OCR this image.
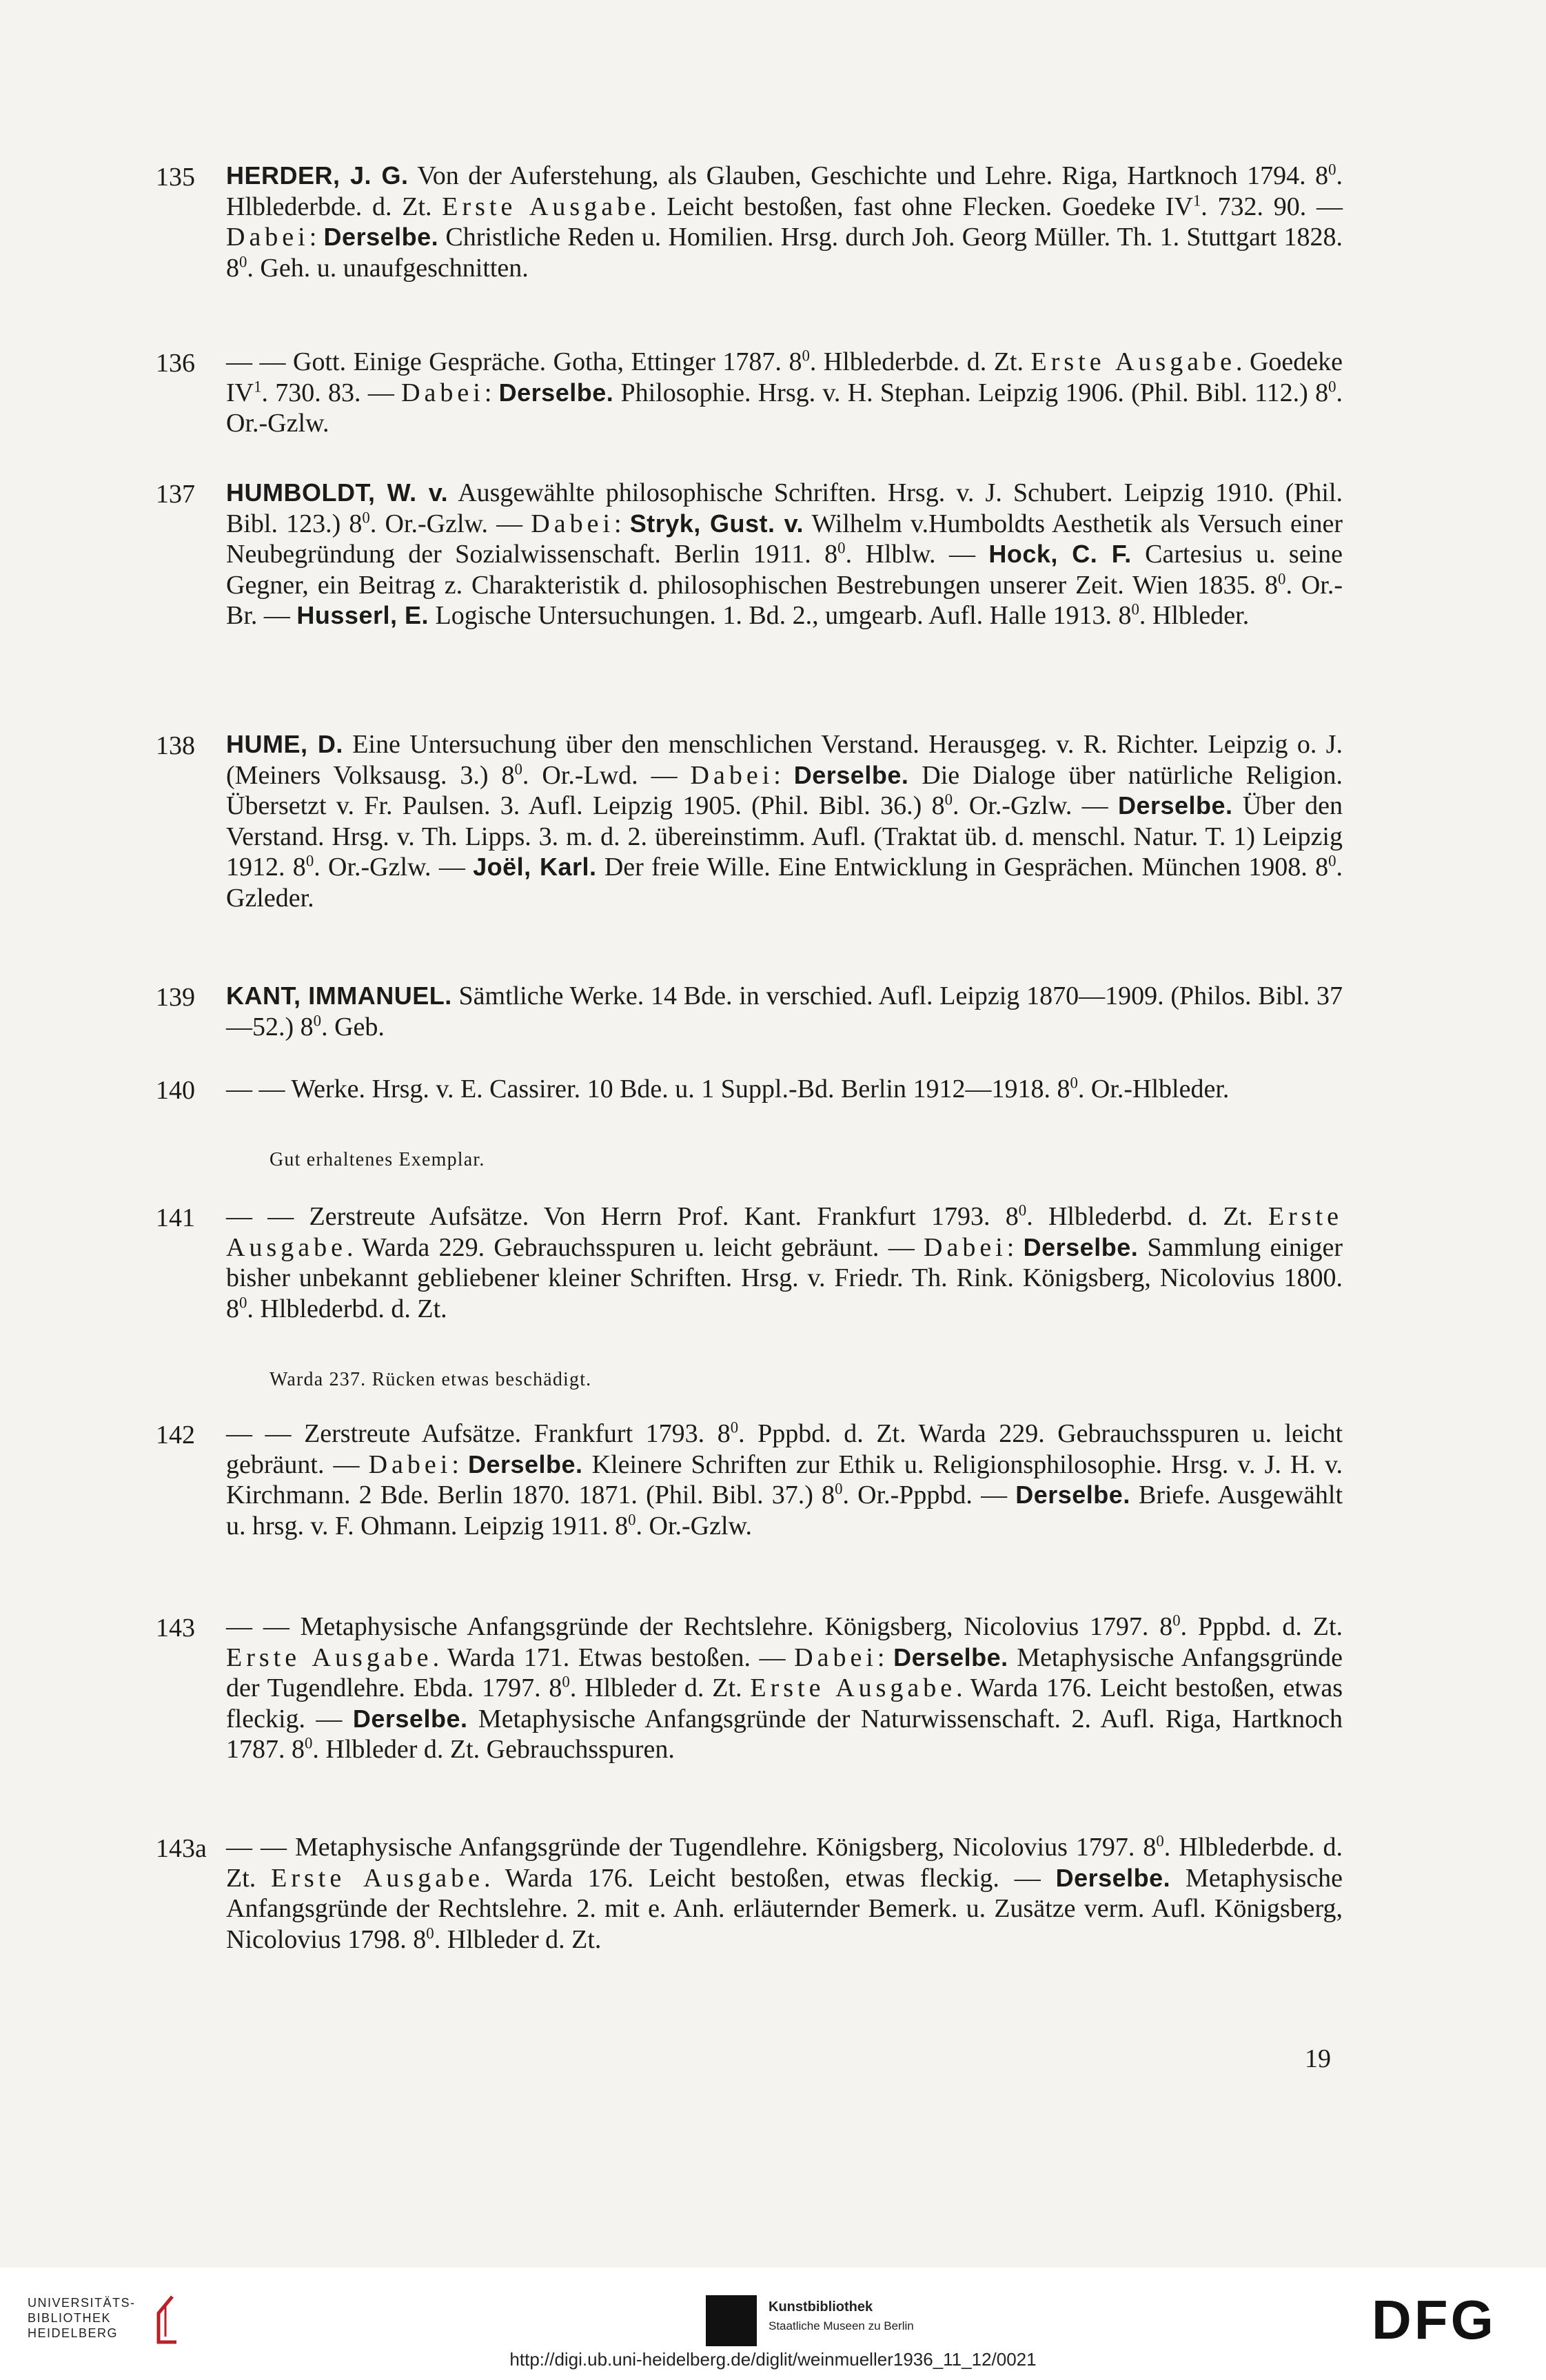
135	HERDER, J. G. Von der Auferstehung, als Glauben, Geschichte und Lehre. Riga, Hartknoch 1794. $8^0$. Hlblederbde. d. Zt. Erste Ausgabe. Leicht bestoßen, fast ohne Flecken. Goedeke $IV^1$. 732. 90. — Dabei: Derselbe. Christliche Reden u. Homilien. Hrsg. durch Joh. Georg Müller. Th. 1. Stuttgart 1828. $8^0$. Geh. u. unaufgeschnitten.
136	— — Gott. Einige Gespräche. Gotha, Ettinger 1787. $8^0$. Hlblederbde. d. Zt. Erste Ausgabe. Goedeke $IV^1$. 730. 83. — Dabei: Derselbe. Philosophie. Hrsg. v. H. Stephan. Leipzig 1906. (Phil. Bibl. 112.) $8^0$. Or.-Gzlw.
137	HUMBOLDT, W. v. Ausgewählte philosophische Schriften. Hrsg. v. J. Schubert. Leipzig 1910. (Phil. Bibl. 123.) $8^0$. Or.-Gzlw. — Dabei: Stryk, Gust. v. Wilhelm v.Humboldts Aesthetik als Versuch einer Neubegründung der Sozialwissenschaft. Berlin 1911. $8^0$. Hlblw. — Hock, C. F. Cartesius u. seine Gegner, ein Beitrag z. Charakteristik d. philosophischen Bestrebungen unserer Zeit. Wien 1835. $8^0$. Or.-Br. — Husserl, E. Logische Untersuchungen. 1. Bd. 2., umgearb. Aufl. Halle 1913. $8^0$. Hlbleder.
138	HUME, D. Eine Untersuchung über den menschlichen Verstand. Herausgeg. v. R. Richter. Leipzig o. J. (Meiners Volksausg. 3.) $8^0$. Or.-Lwd. — Dabei: Derselbe. Die Dialoge über natürliche Religion. Übersetzt v. Fr. Paulsen. 3. Aufl. Leipzig 1905. (Phil. Bibl. 36.) $8^0$. Or.-Gzlw. — Derselbe. Über den Verstand. Hrsg. v. Th. Lipps. 3. m. d. 2. übereinstimm. Aufl. (Traktat üb. d. menschl. Natur. T. 1) Leipzig 1912. $8^0$. Or.-Gzlw. — Joël, Karl. Der freie Wille. Eine Entwicklung in Gesprächen. München 1908. $8^0$. Gzleder.
139	KANT, IMMANUEL. Sämtliche Werke. 14 Bde. in verschied. Aufl. Leipzig 1870—1909. (Philos. Bibl. 37—52.) $8^0$. Geb.
140	— — Werke. Hrsg. v. E. Cassirer. 10 Bde. u. 1 Suppl.-Bd. Berlin 1912—1918. $8^0$. Or.-Hlbleder.
Gut erhaltenes Exemplar.
141	— — Zerstreute Aufsätze. Von Herrn Prof. Kant. Frankfurt 1793. $8^0$. Hlblederbd. d. Zt. Erste Ausgabe. Warda 229. Gebrauchsspuren u. leicht gebräunt. — Dabei: Derselbe. Sammlung einiger bisher unbekannt gebliebener kleiner Schriften. Hrsg. v. Friedr. Th. Rink. Königsberg, Nicolovius 1800. $8^0$. Hlblederbd. d. Zt.
Warda 237. Rücken etwas beschädigt.
142	— — Zerstreute Aufsätze. Frankfurt 1793. $8^0$. Pppbd. d. Zt. Warda 229. Gebrauchsspuren u. leicht gebräunt. — Dabei: Derselbe. Kleinere Schriften zur Ethik u. Religionsphilosophie. Hrsg. v. J. H. v. Kirchmann. 2 Bde. Berlin 1870. 1871. (Phil. Bibl. 37.) $8^0$. Or.-Pppbd. — Derselbe. Briefe. Ausgewählt u. hrsg. v. F. Ohmann. Leipzig 1911. $8^0$. Or.-Gzlw.
143	— — Metaphysische Anfangsgründe der Rechtslehre. Königsberg, Nicolovius 1797. $8^0$. Pppbd. d. Zt. Erste Ausgabe. Warda 171. Etwas bestoßen. — Dabei: Derselbe. Metaphysische Anfangsgründe der Tugendlehre. Ebda. 1797. $8^0$. Hlbleder d. Zt. Erste Ausgabe. Warda 176. Leicht bestoßen, etwas fleckig. — Derselbe. Metaphysische Anfangsgründe der Naturwissenschaft. 2. Aufl. Riga, Hartknoch 1787. $8^0$. Hlbleder d. Zt. Gebrauchsspuren.
143a — — Metaphysische Anfangsgründe der Tugendlehre. Königsberg, Nicolovius 1797. $8^0$. Hlblederbde. d. Zt. Erste Ausgabe. Warda 176. Leicht bestoßen, etwas fleckig. — Derselbe. Metaphysische Anfangsgründe der Rechtslehre. 2. mit e. Anh. erläuternder Bemerk. u. Zusätze verm. Aufl. Königsberg, Nicolovius 1798. $8^0$. Hlbleder d. Zt.
19
UNIVERSITÄTS-
BIBLIOTHEK
HEIDELBERG
Kunstbibliothek
Staatliche Museen zu Berlin	DFG
http://digi.ub.uni-heidelberg.de/diglit/weinmueller1936_11_12/0021
